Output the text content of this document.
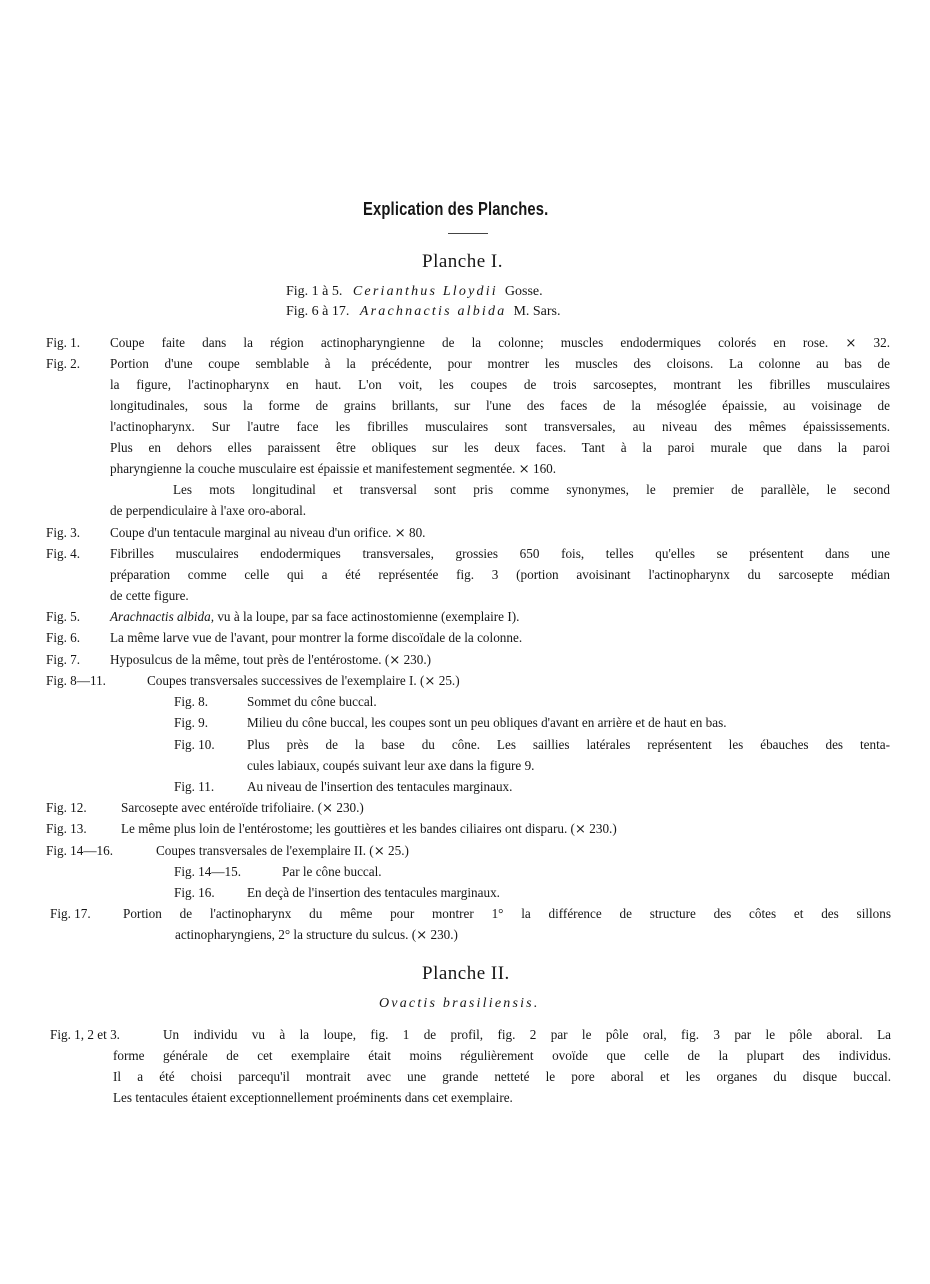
Explication des Planches.
Planche I.
Fig. 1 à 5. Cerianthus Lloydii Gosse.
Fig. 6 à 17. Arachnactis albida M. Sars.
Fig. 1. Coupe faite dans la région actinopharyngienne de la colonne; muscles endodermiques colorés en rose. ⨯ 32.
Fig. 2. Portion d'une coupe semblable à la précédente, pour montrer les muscles des cloisons. La colonne au bas de
la figure, l'actinopharynx en haut. L'on voit, les coupes de trois sarcoseptes, montrant les fibrilles musculaires
longitudinales, sous la forme de grains brillants, sur l'une des faces de la mésoglée épaissie, au voisinage de
l'actinopharynx. Sur l'autre face les fibrilles musculaires sont transversales, au niveau des mêmes épaississements.
Plus en dehors elles paraissent être obliques sur les deux faces. Tant à la paroi murale que dans la paroi
pharyngienne la couche musculaire est épaissie et manifestement segmentée. ⨯ 160.
Les mots longitudinal et transversal sont pris comme synonymes, le premier de parallèle, le second
de perpendiculaire à l'axe oro-aboral.
Fig. 3. Coupe d'un tentacule marginal au niveau d'un orifice. ⨯ 80.
Fig. 4. Fibrilles musculaires endodermiques transversales, grossies 650 fois, telles qu'elles se présentent dans une
préparation comme celle qui a été représentée fig. 3 (portion avoisinant l'actinopharynx du sarcosepte médian
de cette figure.
Fig. 5. Arachnactis albida, vu à la loupe, par sa face actinostomienne (exemplaire I).
Fig. 6. La même larve vue de l'avant, pour montrer la forme discoïdale de la colonne.
Fig. 7. Hyposulcus de la même, tout près de l'entérostome. (⨯ 230.)
Fig. 8—11.	Coupes transversales successives de l'exemplaire I. (⨯ 25.)
Fig. 8.	Sommet du cône buccal.
Fig. 9.	Milieu du cône buccal, les coupes sont un peu obliques d'avant en arrière et de haut en bas.
Fig. 10. Plus près de la base du cône. Les saillies latérales représentent les ébauches des tenta-
cules labiaux, coupés suivant leur axe dans la figure 9.
Fig. 11. Au niveau de l'insertion des tentacules marginaux.
Fig. 12.	Sarcosepte avec entéroïde trifoliaire. (⨯ 230.)
Fig. 13.	Le même plus loin de l'entérostome; les gouttières et les bandes ciliaires ont disparu. (⨯ 230.)
Fig. 14—16.	Coupes transversales de l'exemplaire II. (⨯ 25.)
Fig. 14—15.	Par le cône buccal.
Fig. 16. En deçà de l'insertion des tentacules marginaux.
Fig. 17. Portion de l'actinopharynx du même pour montrer 1° la différence de structure des côtes et des sillons
actinopharyngiens, 2° la structure du sulcus. (⨯ 230.)
Planche II.
Ovactis brasiliensis.
Fig. 1, 2 et 3.	Un individu vu à la loupe, fig. 1 de profil, fig. 2 par le pôle oral, fig. 3 par le pôle aboral. La
forme générale de cet exemplaire était moins régulièrement ovoïde que celle de la plupart des individus.
Il a été choisi parcequ'il montrait avec une grande netteté le pore aboral et les organes du disque buccal.
Les tentacules étaient exceptionnellement proéminents dans cet exemplaire.
